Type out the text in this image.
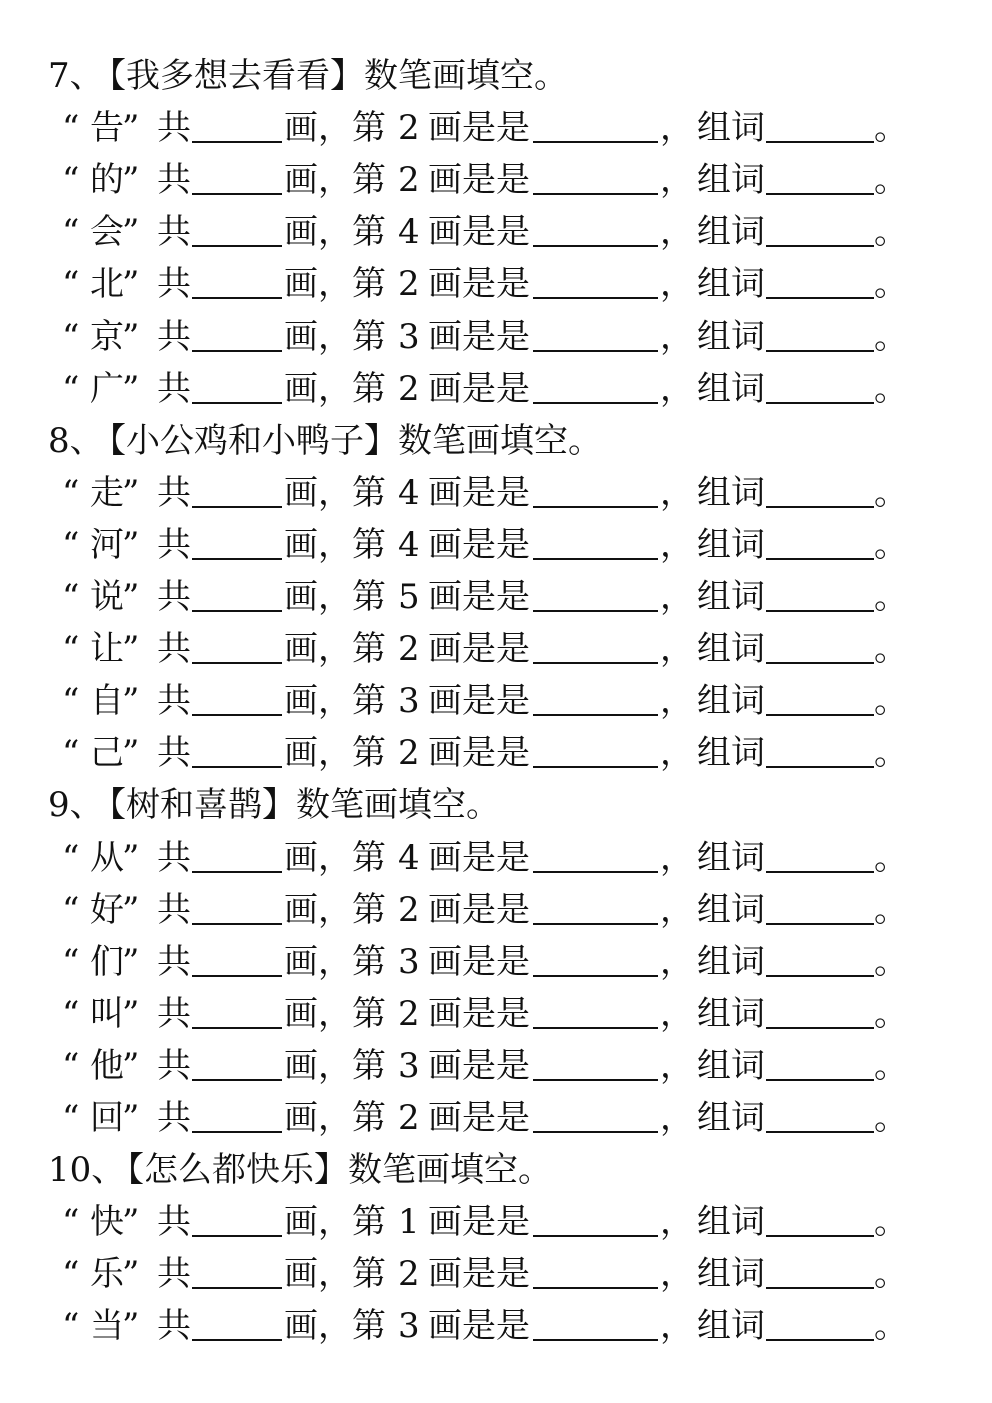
7、
【我多想去看看】数笔画填空。
“ 告
” 共	画，第 2 画是是	， 组词	。
“ 的
” 共	画，第 2 画是是	， 组词	。
“ 会
” 共	画，第 4 画是是	， 组词	。
“ 北
” 共	画，第 2 画是是	， 组词	。
“ 京
” 共	画，第 3 画是是	， 组词	。
“ 广
” 共	画，第 2 画是是	， 组词	。
8、
【小公鸡和小鸭子】数笔画填空。
“ 走
” 共	画，第 4 画是是	， 组词	。
“ 河
” 共	画，第 4 画是是	， 组词	。
“ 说
” 共	画，第 5 画是是	， 组词	。
“ 让
” 共	画，第 2 画是是	， 组词	。
“ 自
” 共	画，第 3 画是是	， 组词	。
“ 己
” 共	画，第 2 画是是	， 组词	。
9、
【树和喜鹊】数笔画填空。
“ 从
” 共	画，第 4 画是是	， 组词	。
“ 好
” 共	画，第 2 画是是	， 组词	。
“ 们
” 共	画，第 3 画是是	， 组词	。
“ 叫
” 共	画，第 2 画是是	， 组词	。
“ 他
” 共	画，第 3 画是是	， 组词	。
“ 回
” 共	画，第 2 画是是	， 组词	。
10、
【怎么都快乐】数笔画填空。
“ 快
” 共	画，第 1 画是是	， 组词	。
“ 乐
” 共	画，第 2 画是是	， 组词	。
“ 当
” 共	画，第 3 画是是	， 组词	。
